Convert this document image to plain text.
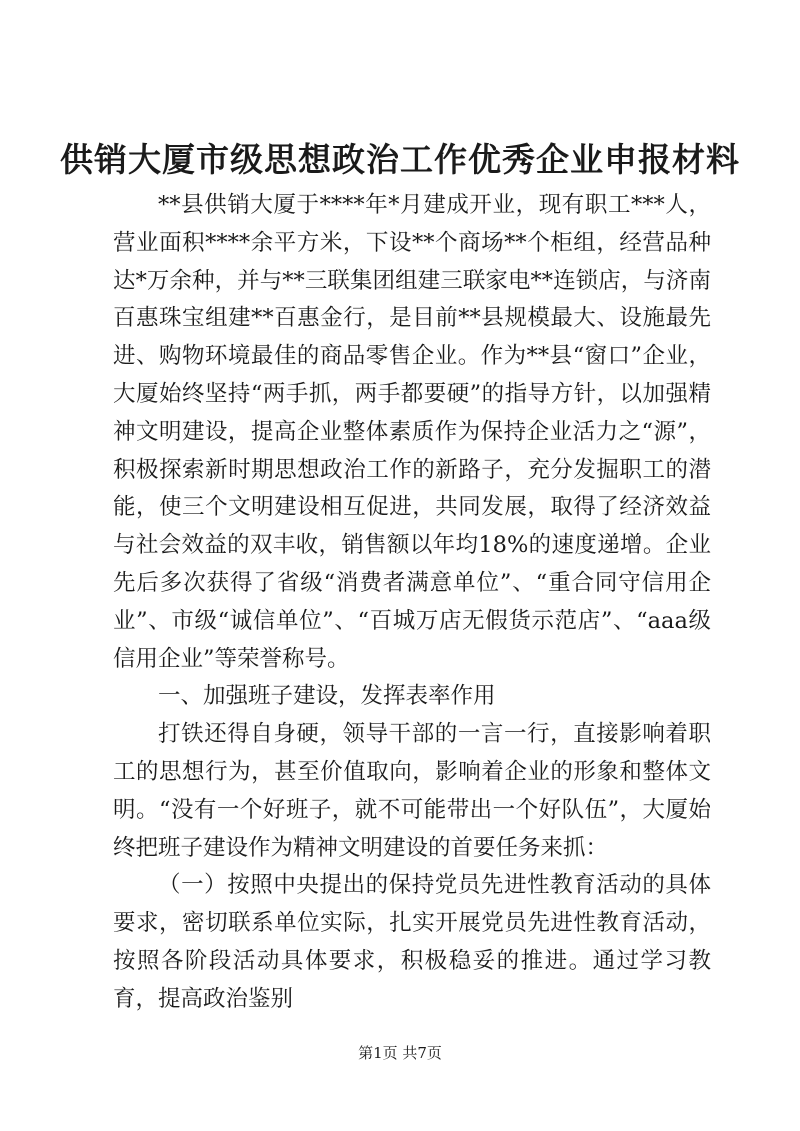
供销大厦市级思想政治工作优秀企业申报材料

**县供销大厦于****年*月建成开业，现有职工***人，营业面积****余平方米，下设**个商场**个柜组，经营品种达*万余种，并与**三联集团组建三联家电**连锁店，与济南百惠珠宝组建**百惠金行，是目前**县规模最大、设施最先进、购物环境最佳的商品零售企业。作为**县“窗口”企业，大厦始终坚持“两手抓，两手都要硬”的指导方针，以加强精神文明建设，提高企业整体素质作为保持企业活力之“源”，积极探索新时期思想政治工作的新路子，充分发掘职工的潜能，使三个文明建设相互促进，共同发展，取得了经济效益与社会效益的双丰收，销售额以年均18%的速度递增。企业先后多次获得了省级“消费者满意单位”、“重合同守信用企业”、市级“诚信单位”、“百城万店无假货示范店”、“aaa级信用企业”等荣誉称号。

一、加强班子建设，发挥表率作用

打铁还得自身硬，领导干部的一言一行，直接影响着职工的思想行为，甚至价值取向，影响着企业的形象和整体文明。“没有一个好班子，就不可能带出一个好队伍”，大厦始终把班子建设作为精神文明建设的首要任务来抓：

（一）按照中央提出的保持党员先进性教育活动的具体要求，密切联系单位实际，扎实开展党员先进性教育活动，按照各阶段活动具体要求，积极稳妥的推进。通过学习教育，提高政治鉴别

第1页 共7页
